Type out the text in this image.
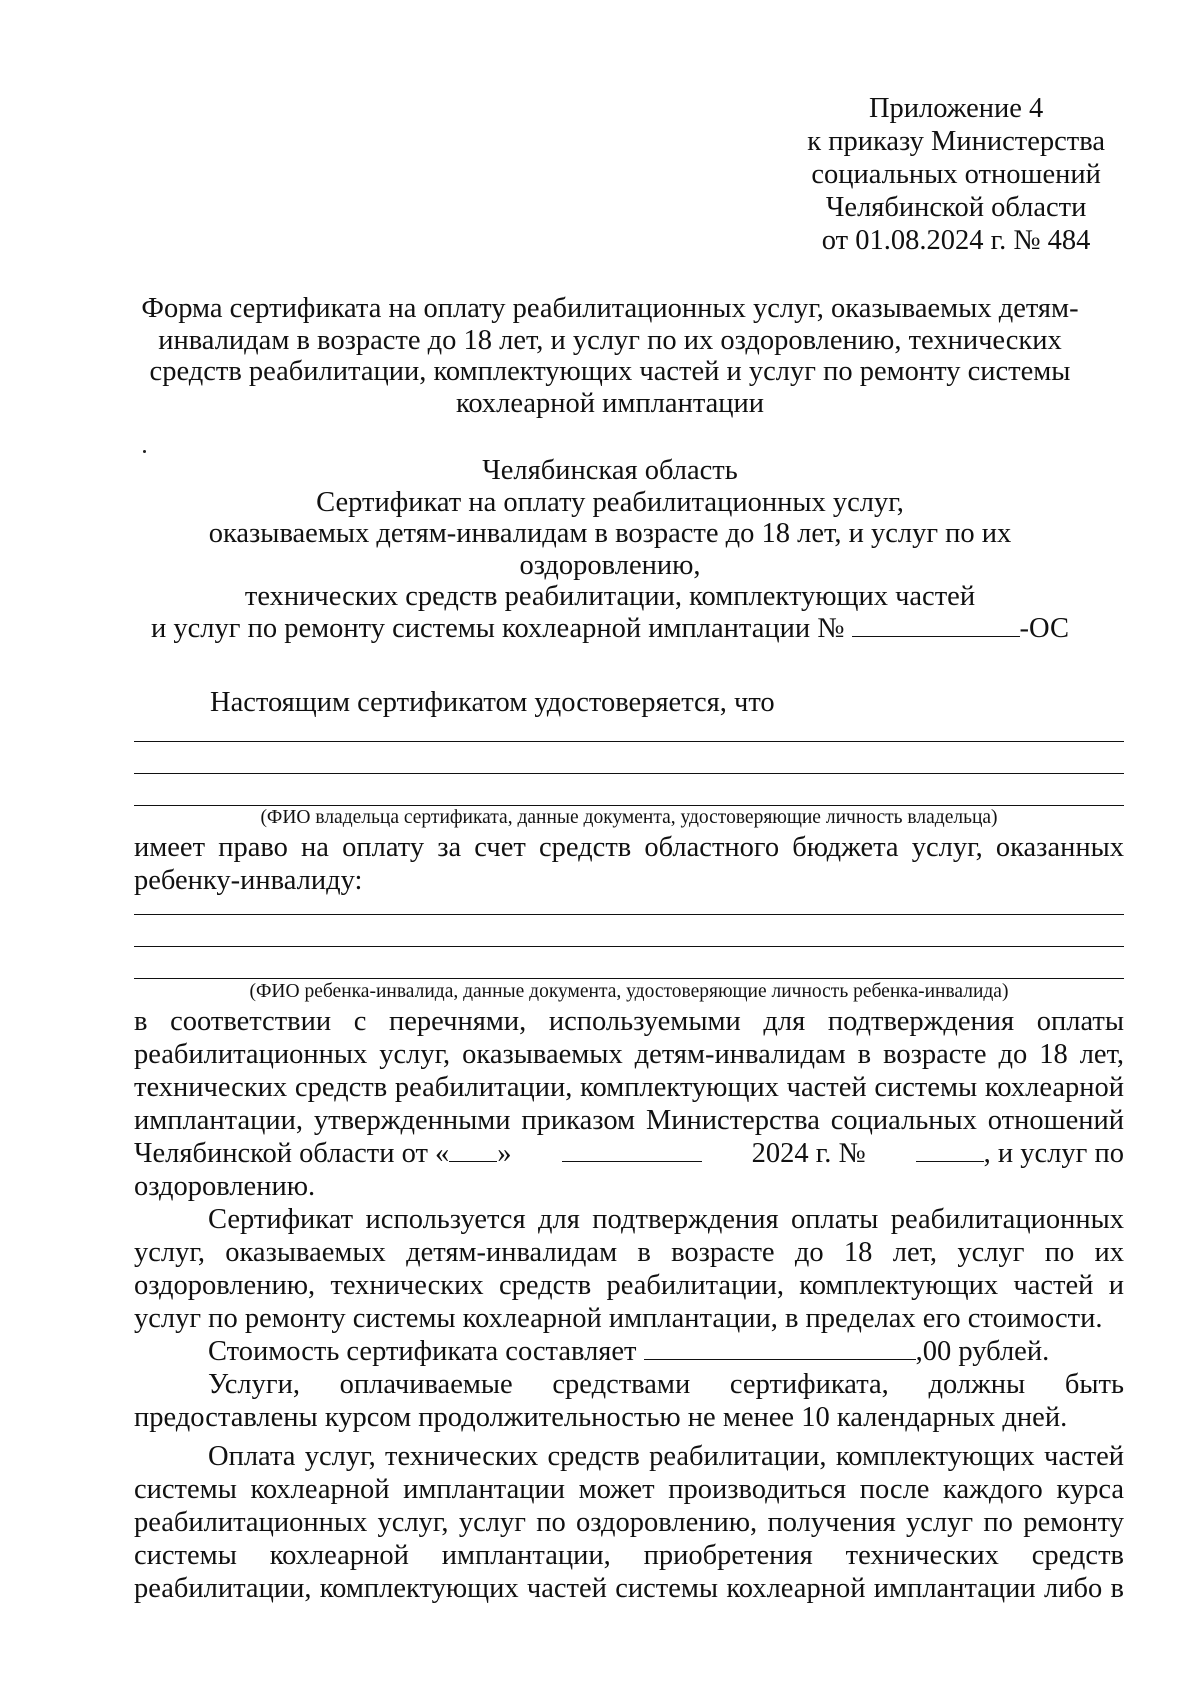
Приложение 4
к приказу Министерства
социальных отношений
Челябинской области
от 01.08.2024 г. № 484
Форма сертификата на оплату реабилитационных услуг, оказываемых детям-
инвалидам в возрасте до 18 лет, и услуг по их оздоровлению, технических
средств реабилитации, комплектующих частей и услуг по ремонту системы
кохлеарной имплантации
Челябинская область
Сертификат на оплату реабилитационных услуг,
оказываемых детям-инвалидам в возрасте до 18 лет, и услуг по их
оздоровлению,
технических средств реабилитации, комплектующих частей
и услуг по ремонту системы кохлеарной имплантации №	-ОС
Настоящим сертификатом удостоверяется, что
(ФИО владельца сертификата, данные документа, удостоверяющие личность владельца)
имеет право на оплату за счет средств областного бюджета услуг, оказанных
ребенку-инвалиду:
(ФИО ребенка-инвалида, данные документа, удостоверяющие личность ребенка-инвалида)
в соответствии с перечнями, используемыми для подтверждения оплаты
реабилитационных услуг, оказываемых детям-инвалидам в возрасте до 18 лет,
технических средств реабилитации, комплектующих частей системы кохлеарной
имплантации, утвержденными приказом Министерства социальных отношений
Челябинской области от « »	2024 г. №	, и услуг по
оздоровлению.
Сертификат используется для подтверждения оплаты реабилитационных
услуг, оказываемых детям-инвалидам в возрасте до 18 лет, услуг по их
оздоровлению, технических средств реабилитации, комплектующих частей и
услуг по ремонту системы кохлеарной имплантации, в пределах его стоимости.
Стоимость сертификата составляет	,00 рублей.
Услуги, оплачиваемые средствами сертификата, должны быть
предоставлены курсом продолжительностью не менее 10 календарных дней.
Оплата услуг, технических средств реабилитации, комплектующих частей
системы кохлеарной имплантации может производиться после каждого курса
реабилитационных услуг, услуг по оздоровлению, получения услуг по ремонту
системы кохлеарной имплантации, приобретения технических средств
реабилитации, комплектующих частей системы кохлеарной имплантации либо в
